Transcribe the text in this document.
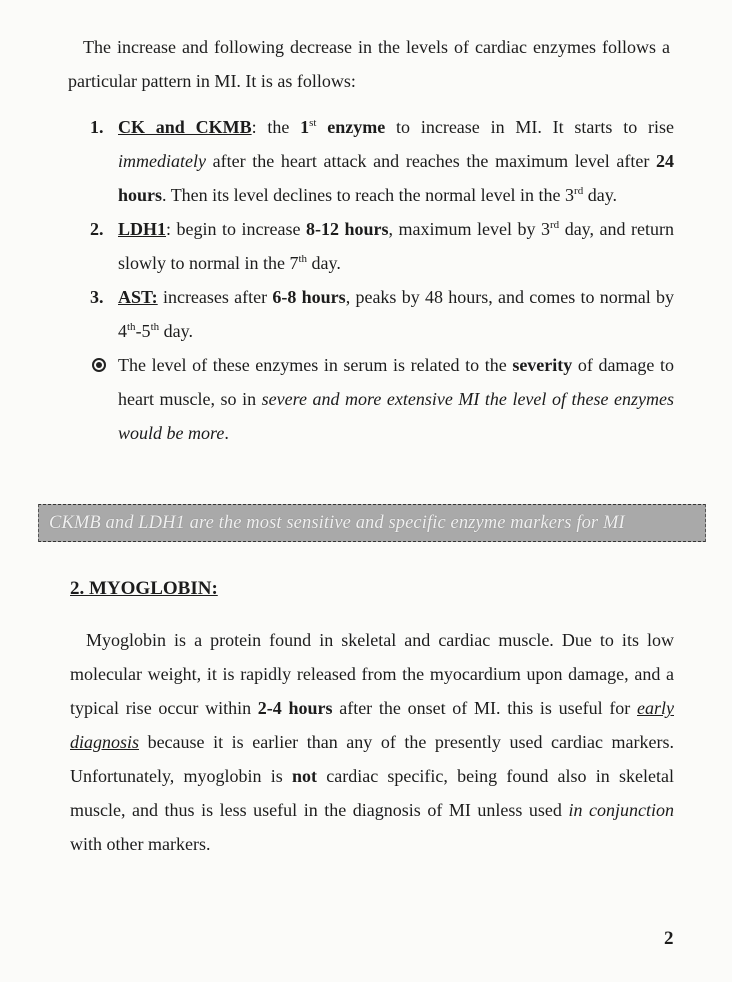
The increase and following decrease in the levels of cardiac enzymes follows a particular pattern in MI. It is as follows:

1. CK and CKMB: the 1st enzyme to increase in MI. It starts to rise immediately after the heart attack and reaches the maximum level after 24 hours. Then its level declines to reach the normal level in the 3rd day.
2. LDH1: begin to increase 8-12 hours, maximum level by 3rd day, and return slowly to normal in the 7th day.
3. AST: increases after 6-8 hours, peaks by 48 hours, and comes to normal by 4th-5th day.
The level of these enzymes in serum is related to the severity of damage to heart muscle, so in severe and more extensive MI the level of these enzymes would be more.
CKMB and LDH1 are the most sensitive and specific enzyme markers for MI
2. MYOGLOBIN:

Myoglobin is a protein found in skeletal and cardiac muscle. Due to its low molecular weight, it is rapidly released from the myocardium upon damage, and a typical rise occur within 2-4 hours after the onset of MI. this is useful for early diagnosis because it is earlier than any of the presently used cardiac markers. Unfortunately, myoglobin is not cardiac specific, being found also in skeletal muscle, and thus is less useful in the diagnosis of MI unless used in conjunction with other markers.

2
